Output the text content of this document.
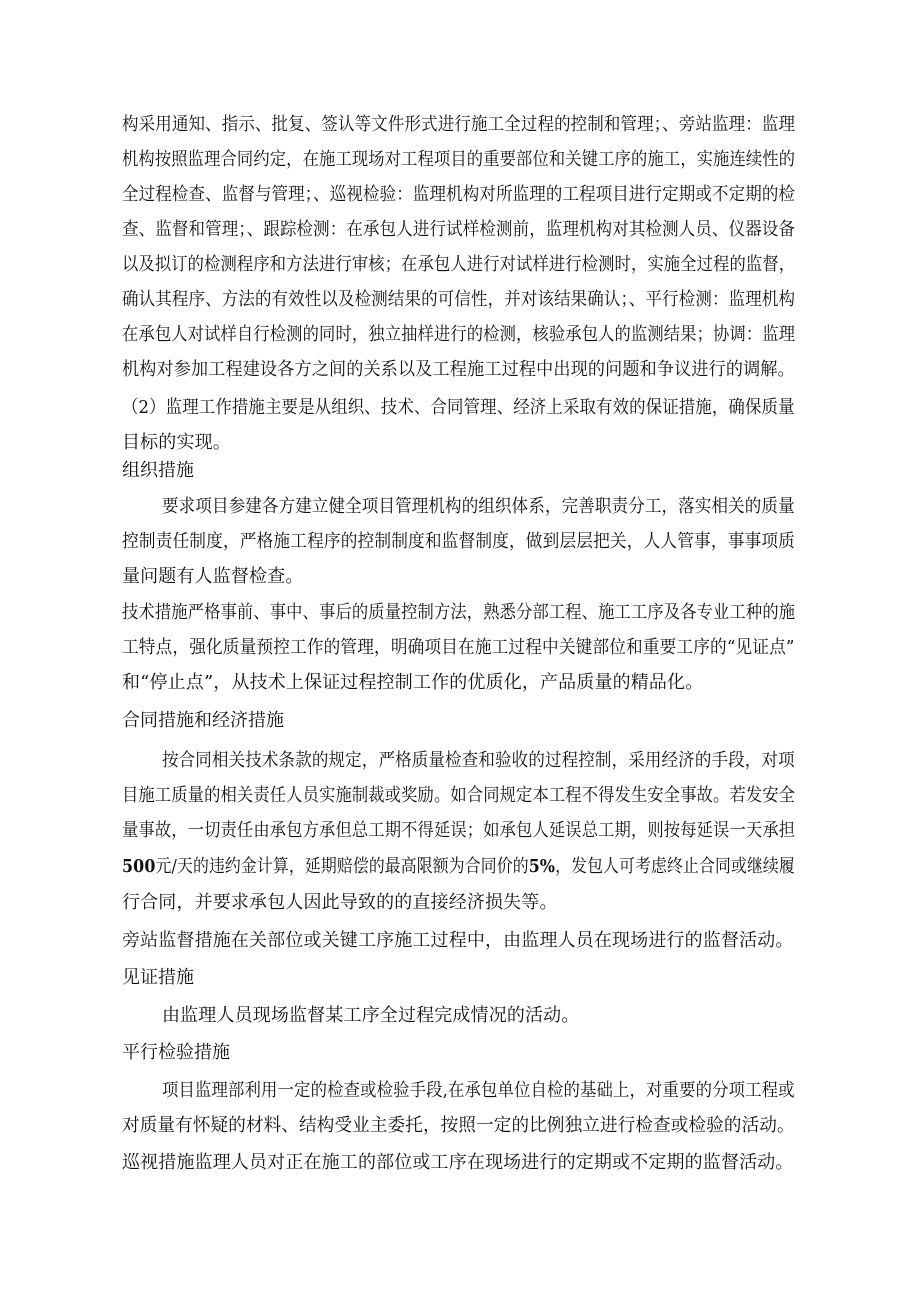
构采用通知、指示、批复、签认等文件形式进行施工全过程的控制和管理；、旁站监理：监理
机构按照监理合同约定，在施工现场对工程项目的重要部位和关键工序的施工，实施连续性的
全过程检查、监督与管理；、巡视检验：监理机构对所监理的工程项目进行定期或不定期的检
查、监督和管理；、跟踪检测：在承包人进行试样检测前，监理机构对其检测人员、仪器设备
以及拟订的检测程序和方法进行审核；在承包人进行对试样进行检测时，实施全过程的监督，
确认其程序、方法的有效性以及检测结果的可信性，并对该结果确认；、平行检测：监理机构
在承包人对试样自行检测的同时，独立抽样进行的检测，核验承包人的监测结果；协调：监理
机构对参加工程建设各方之间的关系以及工程施工过程中出现的问题和争议进行的调解。
（2）监理工作措施主要是从组织、技术、合同管理、经济上采取有效的保证措施，确保质量
目标的实现。
组织措施
要求项目参建各方建立健全项目管理机构的组织体系，完善职责分工，落实相关的质量
控制责任制度，严格施工程序的控制制度和监督制度，做到层层把关，人人管事，事事项质
量问题有人监督检查。
技术措施严格事前、事中、事后的质量控制方法，熟悉分部工程、施工工序及各专业工种的施
工特点，强化质量预控工作的管理，明确项目在施工过程中关键部位和重要工序的“见证点”
和“停止点”，从技术上保证过程控制工作的优质化，产品质量的精品化。
合同措施和经济措施
按合同相关技术条款的规定，严格质量检查和验收的过程控制，采用经济的手段，对项
目施工质量的相关责任人员实施制裁或奖励。如合同规定本工程不得发生安全事故。若发安全
量事故，一切责任由承包方承但总工期不得延误；如承包人延误总工期，则按每延误一天承担
500元/天的违约金计算，延期赔偿的最高限额为合同价的5%，发包人可考虑终止合同或继续履
行合同，并要求承包人因此导致的的直接经济损失等。
旁站监督措施在关部位或关键工序施工过程中，由监理人员在现场进行的监督活动。
见证措施
由监理人员现场监督某工序全过程完成情况的活动。
平行检验措施
项目监理部利用一定的检查或检验手段,在承包单位自检的基础上，对重要的分项工程或
对质量有怀疑的材料、结构受业主委托，按照一定的比例独立进行检查或检验的活动。
巡视措施监理人员对正在施工的部位或工序在现场进行的定期或不定期的监督活动。
